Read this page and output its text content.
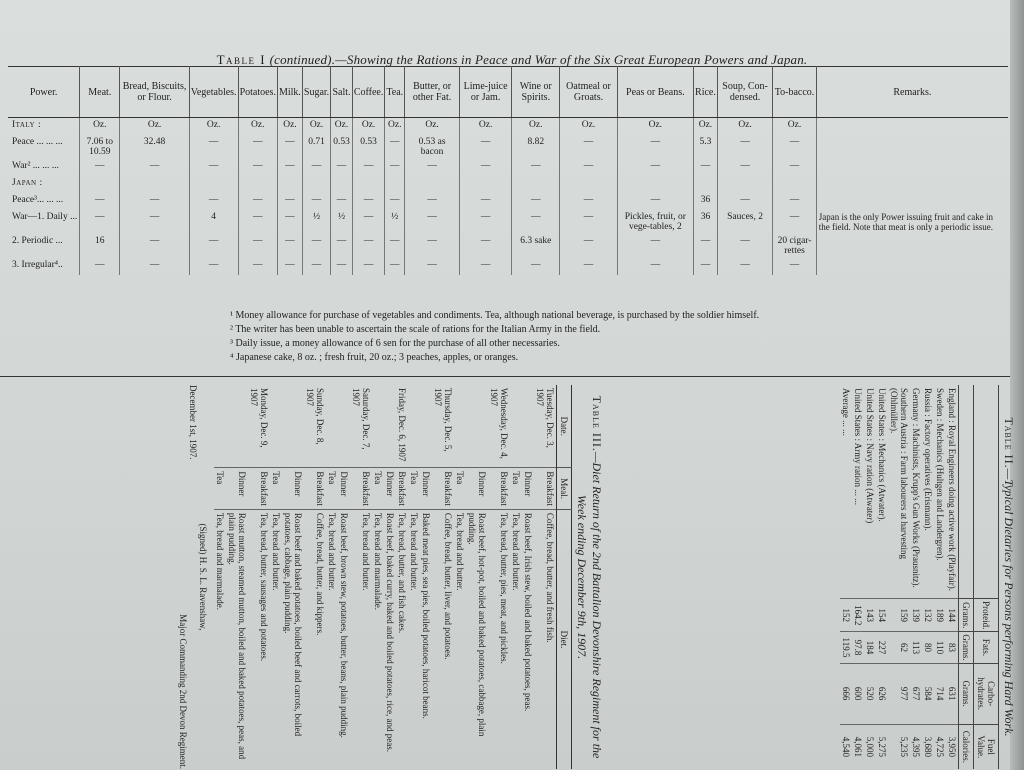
Table I (continued).—Showing the Rations in Peace and War of the Six Great European Powers and Japan.
Power.	Meat.	Bread, Biscuits, or Flour.	Vegetables.	Potatoes.	Milk.	Sugar.	Salt.	Coffee.	Tea.	Butter, or other Fat.	Lime-juice or Jam.	Wine or Spirits.	Oatmeal or Groats.	Peas or Beans.	Rice.	Soup, Con-densed.	To-bacco.	Remarks.
Italy :	Oz.	Oz.	Oz.	Oz.	Oz.	Oz.	Oz.	Oz.	Oz.	Oz.	Oz.	Oz.	Oz.	Oz.	Oz.	Oz.	Oz.	
Peace ... ... ...	7.06 to 10.59	32.48	—	—	—	0.71	0.53	0.53	—	0.53 as bacon	—	8.82	—	—	5.3	—	—	
War² ... ... ...	—	—	—	—	—	—	—	—	—	—	—	—	—	—	—	—	—	
Japan :																		
Peace³... ... ...	—	—	—	—	—	—	—	—	—	—	—	—	—	—	36	—	—	
War—1. Daily ...	—	—	4	—	—	½	½	—	½	—	—	—	—	Pickles, fruit, or vege-tables, 2	36	Sauces, 2	—	Japan is the only Power issuing fruit and cake in the field. Note that meat is only a periodic issue.
2. Periodic ...	16	—	—	—	—	—	—	—	—	—	—	6.3 sake	—	—	—	—	20 cigar-rettes	
3. Irregular⁴..	—	—	—	—	—	—	—	—	—	—	—	—	—	—	—	—	—	
¹ Money allowance for purchase of vegetables and condiments. Tea, although national beverage, is purchased by the soldier himself.
² The writer has been unable to ascertain the scale of rations for the Italian Army in the field.
³ Daily issue, a money allowance of 6 sen for the purchase of all other necessaries.
⁴ Japanese cake, 8 oz. ; fresh fruit, 20 oz.; 3 peaches, apples, or oranges.
Table II.—Typical Dietaries for Persons performing Hard Work.
	Proteid.	Fats.	Carbo-hydrates.	Fuel Value.
	Grams.	Grams.	Grams.	Calories.
England : Royal Engineers doing active work (Playfair).	144	83	631	3,950
Sweden : Mechanics (Hultgen and Landergren).	189	110	714	4,725
Russia : Factory operatives (Erismann).	132	80	584	3,680
Germany : Machinists, Krupp's Gun Works (Prausnitz).	139	113	677	4,395
Southern Austria : Farm labourers at harvesting (Ohlmüller).	159	62	977	5,235
United States : Mechanics (Atwater).	154	227	626	5,275
United States : Navy ration (Atwater)	143	184	520	5,000
United States : Army ration ... ...	164.2	97.8	600	4,061
Average ... ...	152	119.5	666	4,540
Table III.—Diet Return of the 2nd Battalion Devonshire Regiment for the Week ending December 9th, 1907.
Date.	Meal.	Diet.
Tuesday, Dec. 3, 1907	Breakfast	Coffee, bread, butter, and fresh fish.
	Dinner	Roast beef, Irish stew, boiled and baked potatoes, peas.
	Tea	Tea, bread and butter.
Wednesday, Dec. 4, 1907	Breakfast	Tea, bread, butter, pies, meat, and pickles.
	Dinner	Roast beef, hot-pot, boiled and baked potatoes, cabbage, plain pudding.
	Tea	Tea, bread and butter.
Thursday, Dec. 5, 1907	Breakfast	Coffee, bread, butter, liver, and potatoes.
	Dinner	Baked meat pies, sea pies, boiled potatoes, haricot beans.
	Tea	Tea, bread and butter.
Friday, Dec. 6, 1907	Breakfast	Tea, bread, butter, and fish cakes.
	Dinner	Roast beef, baked curry, baked and boiled potatoes, rice, and peas.
	Tea	Tea, bread and marmalade.
Saturday, Dec. 7, 1907	Breakfast	Tea, bread and butter.
	Dinner	Roast beef, brown stew, potatoes, butter, beans, plain pudding.
	Tea	Tea, bread and butter.
Sunday, Dec. 8, 1907	Breakfast	Coffee, bread, butter, and kippers.
	Dinner	Roast beef and baked potatoes, boiled beef and carrots, boiled potatoes, cabbage, plain pudding.
	Tea	Tea, bread and butter.
Monday, Dec. 9, 1907	Breakfast	Tea, bread, butter, sausages and potatoes.
	Dinner	Roast mutton, steamed mutton, boiled and baked potatoes, peas, and plain pudding.
	Tea	Tea, bread and marmalade.
(Signed) H. S. L. Ravenshaw,
December 1st, 1907.
Major Commanding 2nd Devon Regiment.
